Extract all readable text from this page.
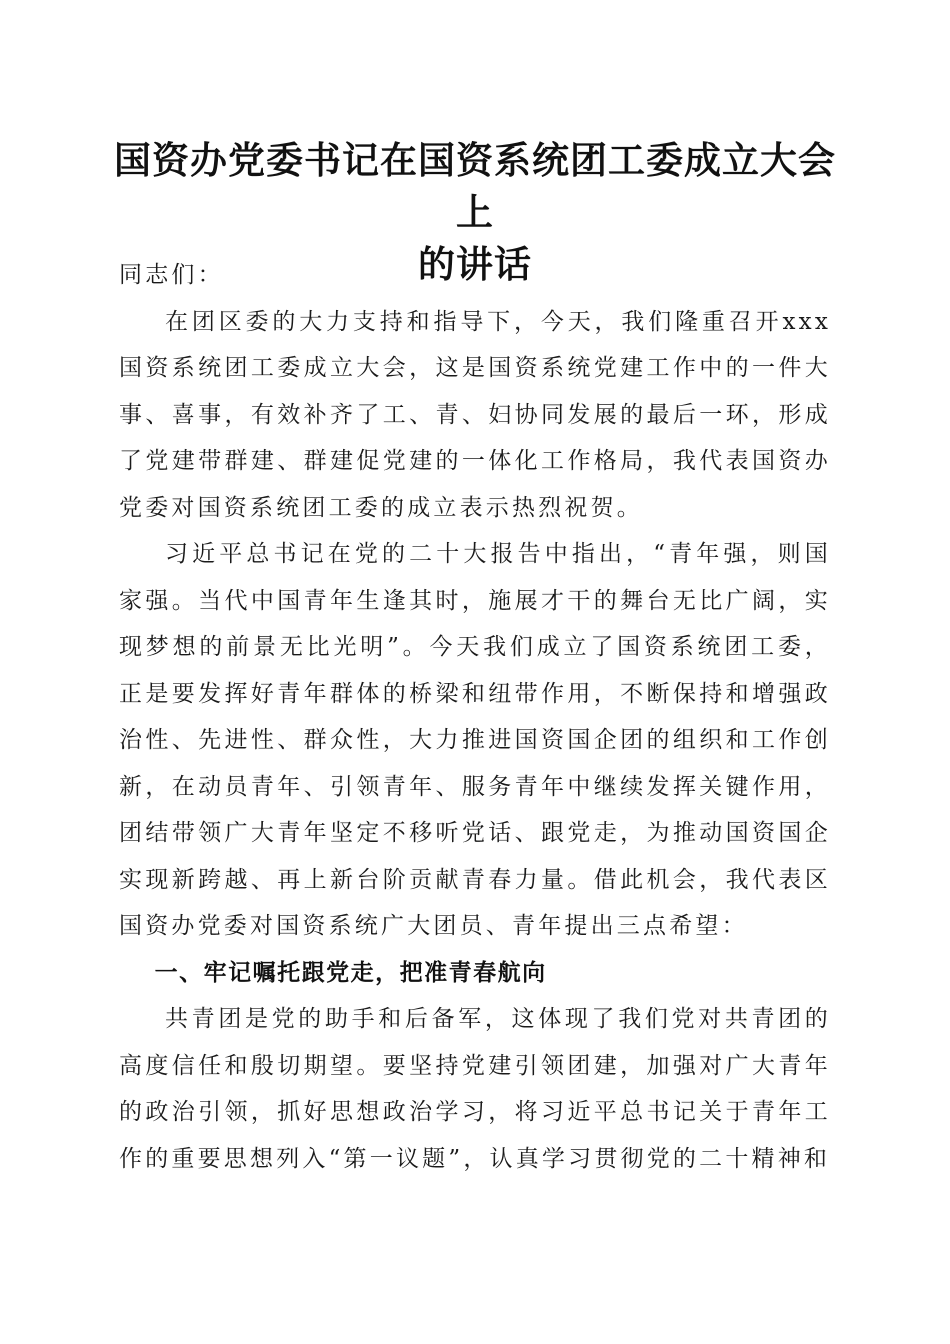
国资办党委书记在国资系统团工委成立大会上
的讲话

同志们：

在团区委的大力支持和指导下，今天，我们隆重召开xxx国资系统团工委成立大会，这是国资系统党建工作中的一件大事、喜事，有效补齐了工、青、妇协同发展的最后一环，形成了党建带群建、群建促党建的一体化工作格局，我代表国资办党委对国资系统团工委的成立表示热烈祝贺。

习近平总书记在党的二十大报告中指出，“青年强，则国家强。当代中国青年生逢其时，施展才干的舞台无比广阔，实现梦想的前景无比光明”。今天我们成立了国资系统团工委，正是要发挥好青年群体的桥梁和纽带作用，不断保持和增强政治性、先进性、群众性，大力推进国资国企团的组织和工作创新，在动员青年、引领青年、服务青年中继续发挥关键作用，团结带领广大青年坚定不移听党话、跟党走，为推动国资国企实现新跨越、再上新台阶贡献青春力量。借此机会，我代表区国资办党委对国资系统广大团员、青年提出三点希望：

一、牢记嘱托跟党走，把准青春航向

共青团是党的助手和后备军，这体现了我们党对共青团的高度信任和殷切期望。要坚持党建引领团建，加强对广大青年的政治引领，抓好思想政治学习，将习近平总书记关于青年工作的重要思想列入“第一议题”，认真学习贯彻党的二十精神和
